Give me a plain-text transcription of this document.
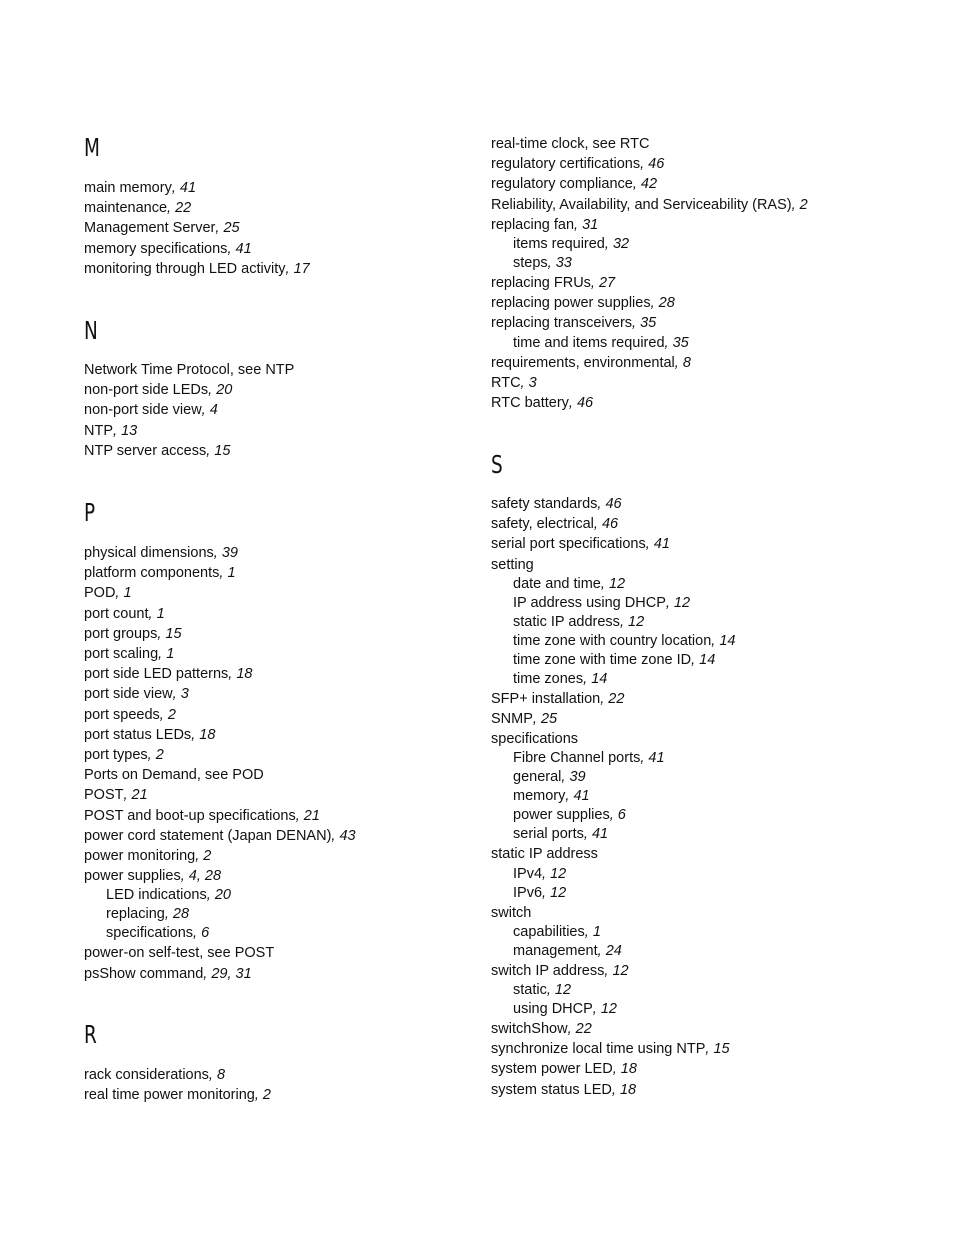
M
main memory, 41
maintenance, 22
Management Server, 25
memory specifications, 41
monitoring through LED activity, 17
N
Network Time Protocol, see NTP
non-port side LEDs, 20
non-port side view, 4
NTP, 13
NTP server access, 15
P
physical dimensions, 39
platform components, 1
POD, 1
port count, 1
port groups, 15
port scaling, 1
port side LED patterns, 18
port side view, 3
port speeds, 2
port status LEDs, 18
port types, 2
Ports on Demand, see POD
POST, 21
POST and boot-up specifications, 21
power cord statement (Japan DENAN), 43
power monitoring, 2
power supplies, 4, 28
LED indications, 20
replacing, 28
specifications, 6
power-on self-test, see POST
psShow command, 29, 31
R
rack considerations, 8
real time power monitoring, 2
real-time clock, see RTC
regulatory certifications, 46
regulatory compliance, 42
Reliability, Availability, and Serviceability (RAS), 2
replacing fan, 31
items required, 32
steps, 33
replacing FRUs, 27
replacing power supplies, 28
replacing transceivers, 35
time and items required, 35
requirements, environmental, 8
RTC, 3
RTC battery, 46
S
safety standards, 46
safety, electrical, 46
serial port specifications, 41
setting
date and time, 12
IP address using DHCP, 12
static IP address, 12
time zone with country location, 14
time zone with time zone ID, 14
time zones, 14
SFP+ installation, 22
SNMP, 25
specifications
Fibre Channel ports, 41
general, 39
memory, 41
power supplies, 6
serial ports, 41
static IP address
IPv4, 12
IPv6, 12
switch
capabilities, 1
management, 24
switch IP address, 12
static, 12
using DHCP, 12
switchShow, 22
synchronize local time using NTP, 15
system power LED, 18
system status LED, 18
